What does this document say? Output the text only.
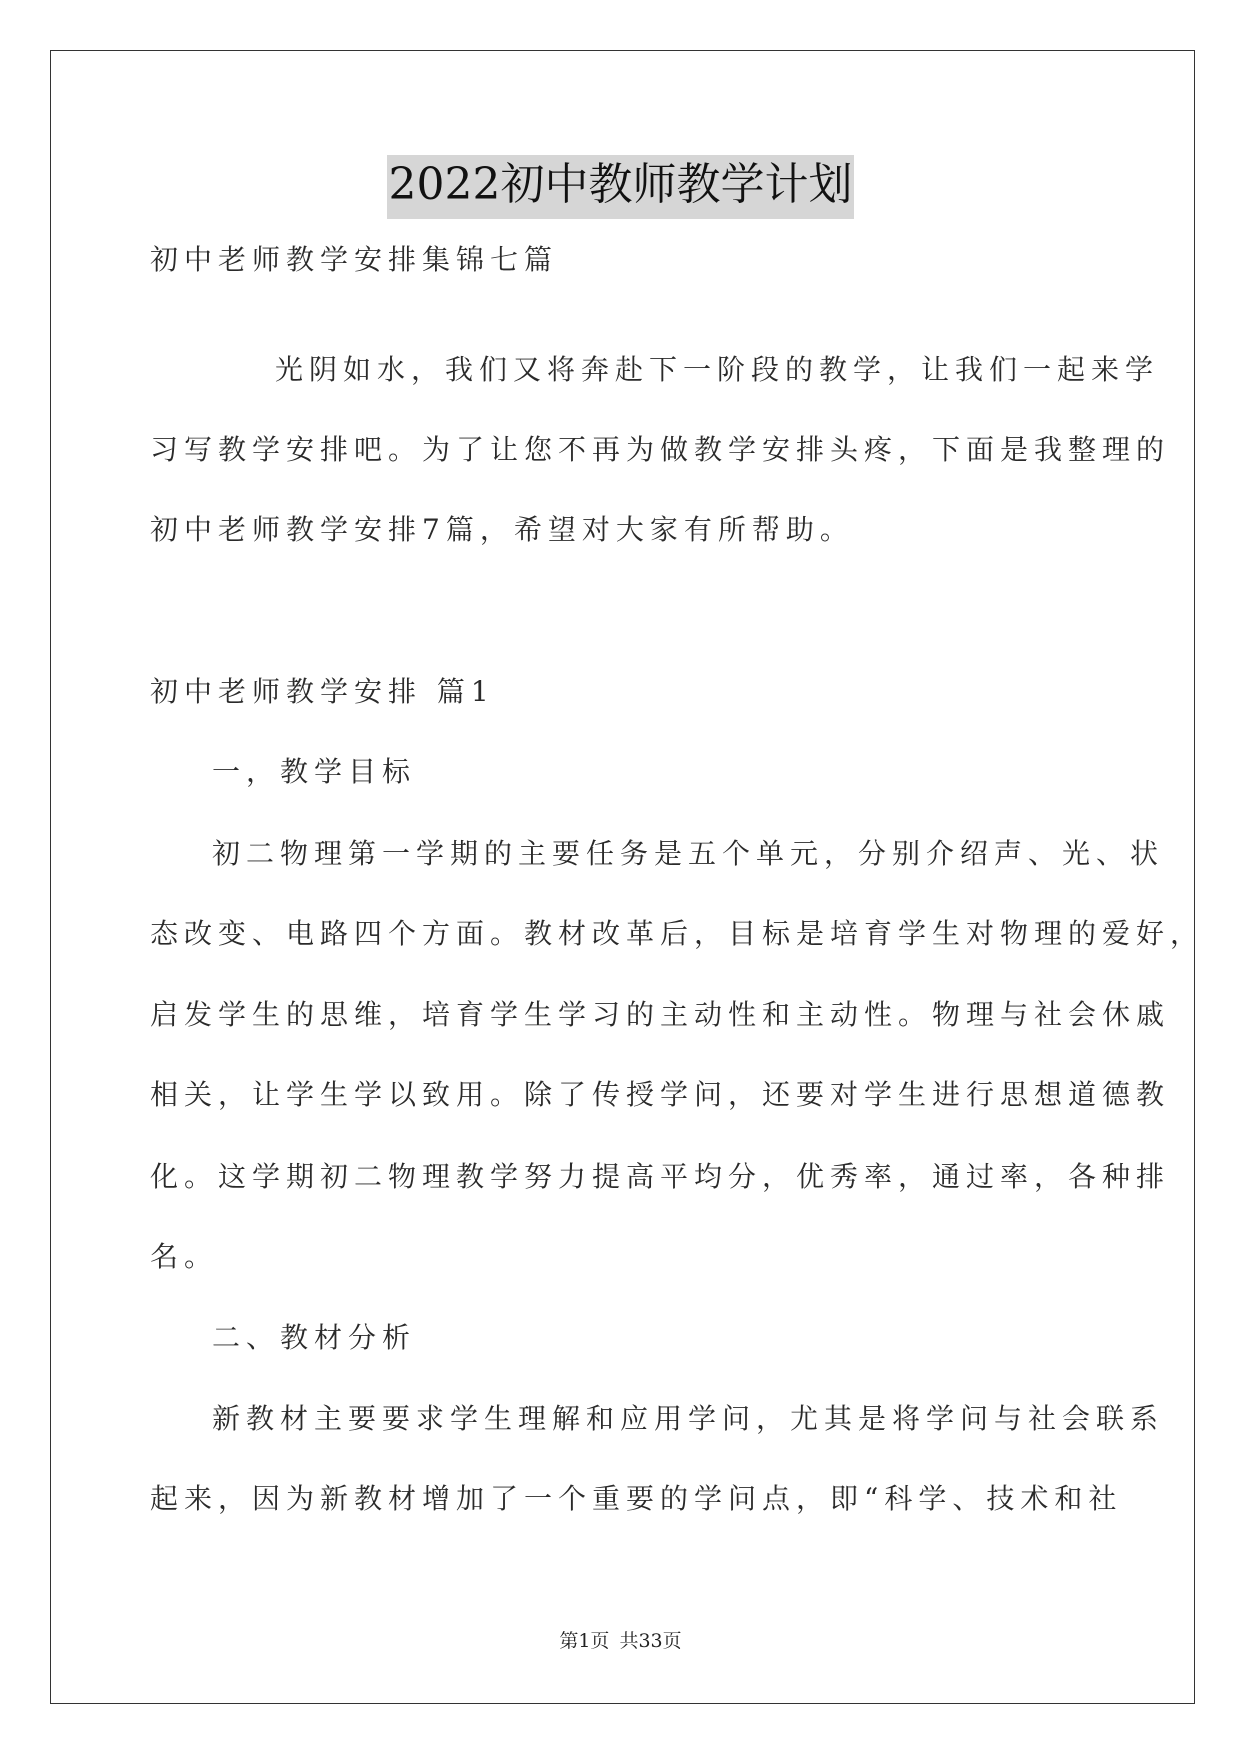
2022初中教师教学计划
初中老师教学安排集锦七篇
光阴如水，我们又将奔赴下一阶段的教学，让我们一起来学
习写教学安排吧。为了让您不再为做教学安排头疼，下面是我整理的
初中老师教学安排7篇，希望对大家有所帮助。
初中老师教学安排 篇1
一，教学目标
初二物理第一学期的主要任务是五个单元，分别介绍声、光、状
态改变、电路四个方面。教材改革后，目标是培育学生对物理的爱好，
启发学生的思维，培育学生学习的主动性和主动性。物理与社会休戚
相关，让学生学以致用。除了传授学问，还要对学生进行思想道德教
化。这学期初二物理教学努力提高平均分，优秀率，通过率，各种排
名。
二、教材分析
新教材主要要求学生理解和应用学问，尤其是将学问与社会联系
起来，因为新教材增加了一个重要的学问点，即“科学、技术和社
第1页 共33页
